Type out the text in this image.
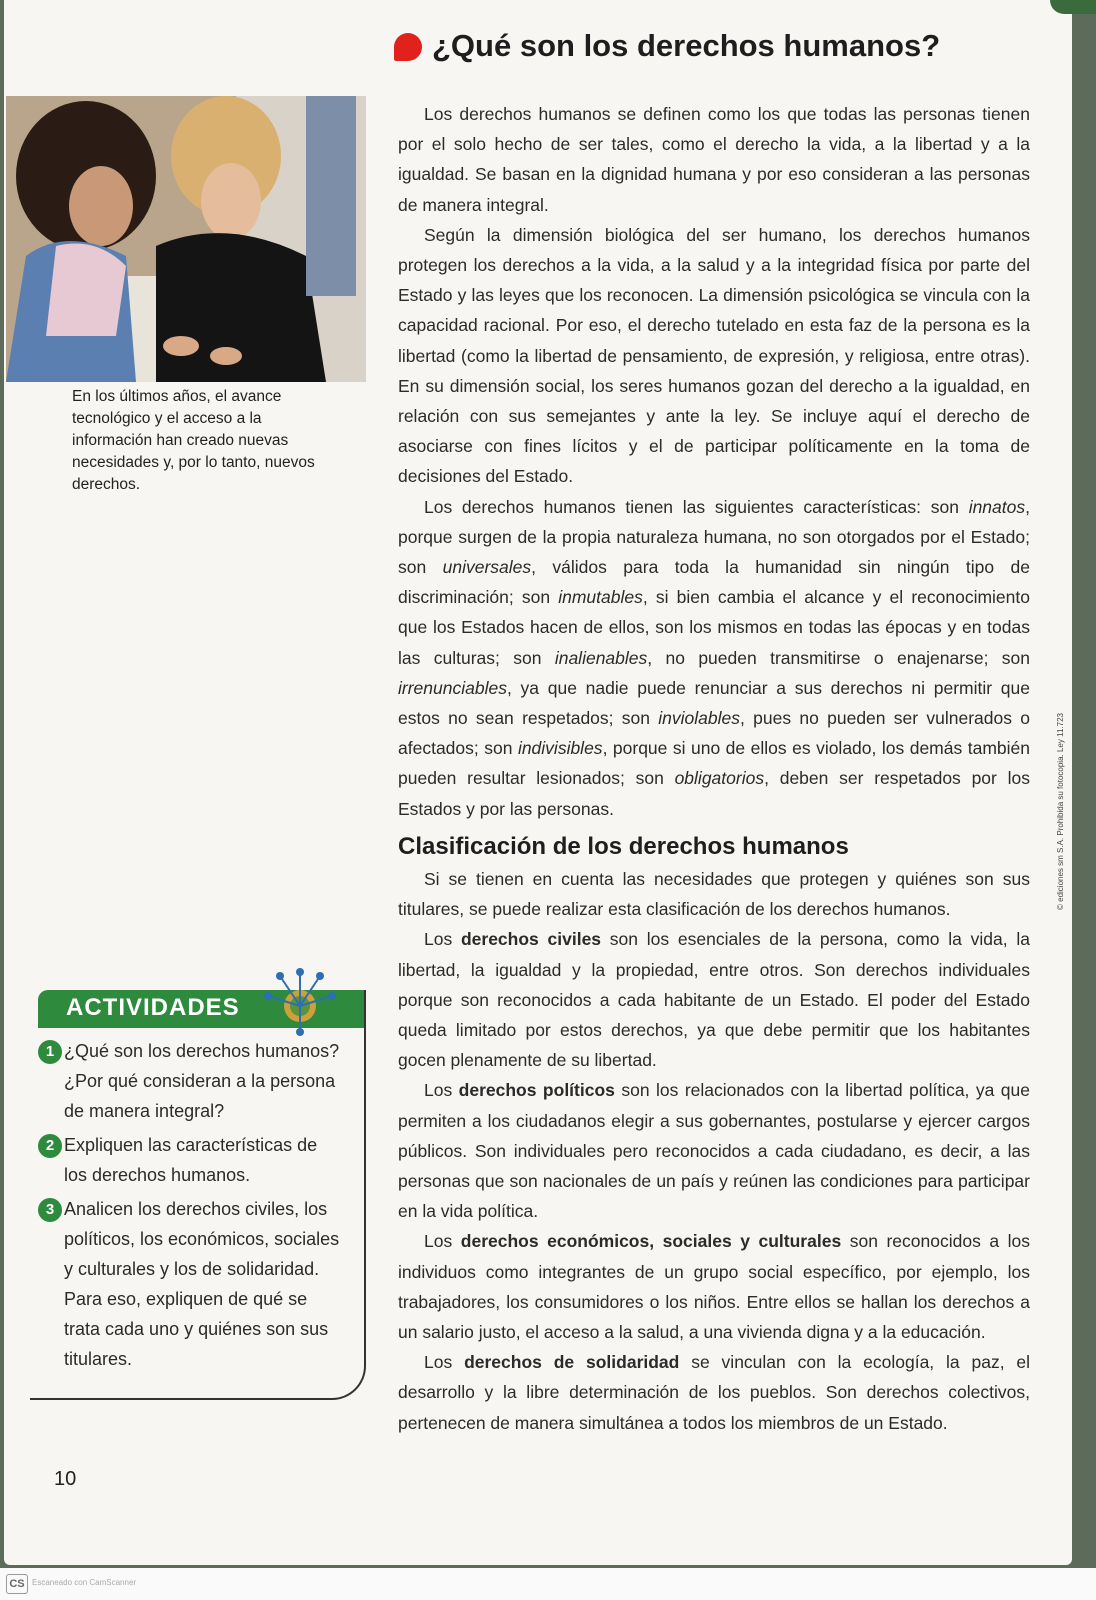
En los últimos años, el avance tecnológico y el acceso a la información han creado nuevas necesidades y, por lo tanto, nuevos derechos.
¿Qué son los derechos humanos?

Los derechos humanos se definen como los que todas las personas tienen por el solo hecho de ser tales, como el derecho la vida, a la libertad y a la igualdad. Se basan en la dignidad humana y por eso consideran a las personas de manera integral.

Según la dimensión biológica del ser humano, los derechos humanos protegen los derechos a la vida, a la salud y a la integridad física por parte del Estado y las leyes que los reconocen. La dimensión psicológica se vincula con la capacidad racional. Por eso, el derecho tutelado en esta faz de la persona es la libertad (como la libertad de pensamiento, de expresión, y religiosa, entre otras). En su dimensión social, los seres humanos gozan del derecho a la igualdad, en relación con sus semejantes y ante la ley. Se incluye aquí el derecho de asociarse con fines lícitos y el de participar políticamente en la toma de decisiones del Estado.

Los derechos humanos tienen las siguientes características: son innatos, porque surgen de la propia naturaleza humana, no son otorgados por el Estado; son universales, válidos para toda la humanidad sin ningún tipo de discriminación; son inmutables, si bien cambia el alcance y el reconocimiento que los Estados hacen de ellos, son los mismos en todas las épocas y en todas las culturas; son inalienables, no pueden transmitirse o enajenarse; son irrenunciables, ya que nadie puede renunciar a sus derechos ni permitir que estos no sean respetados; son inviolables, pues no pueden ser vulnerados o afectados; son indivisibles, porque si uno de ellos es violado, los demás también pueden resultar lesionados; son obligatorios, deben ser respetados por los Estados y por las personas.

Clasificación de los derechos humanos

Si se tienen en cuenta las necesidades que protegen y quiénes son sus titulares, se puede realizar esta clasificación de los derechos humanos.

Los derechos civiles son los esenciales de la persona, como la vida, la libertad, la igualdad y la propiedad, entre otros. Son derechos individuales porque son reconocidos a cada habitante de un Estado. El poder del Estado queda limitado por estos derechos, ya que debe permitir que los habitantes gocen plenamente de su libertad.

Los derechos políticos son los relacionados con la libertad política, ya que permiten a los ciudadanos elegir a sus gobernantes, postularse y ejercer cargos públicos. Son individuales pero reconocidos a cada ciudadano, es decir, a las personas que son nacionales de un país y reúnen las condiciones para participar en la vida política.

Los derechos económicos, sociales y culturales son reconocidos a los individuos como integrantes de un grupo social específico, por ejemplo, los trabajadores, los consumidores o los niños. Entre ellos se hallan los derechos a un salario justo, el acceso a la salud, a una vivienda digna y a la educación.

Los derechos de solidaridad se vinculan con la ecología, la paz, el desarrollo y la libre determinación de los pueblos. Son derechos colectivos, pertenecen de manera simultánea a todos los miembros de un Estado.

© ediciones sm S.A. Prohibida su fotocopia. Ley 11.723
ACTIVIDADES
1 ¿Qué son los derechos humanos? ¿Por qué consideran a la persona de manera integral?
2 Expliquen las características de los derechos humanos.
3 Analicen los derechos civiles, los políticos, los económicos, sociales y culturales y los de solidaridad. Para eso, expliquen de qué se trata cada uno y quiénes son sus titulares.
10
CS Escaneado con CamScanner
